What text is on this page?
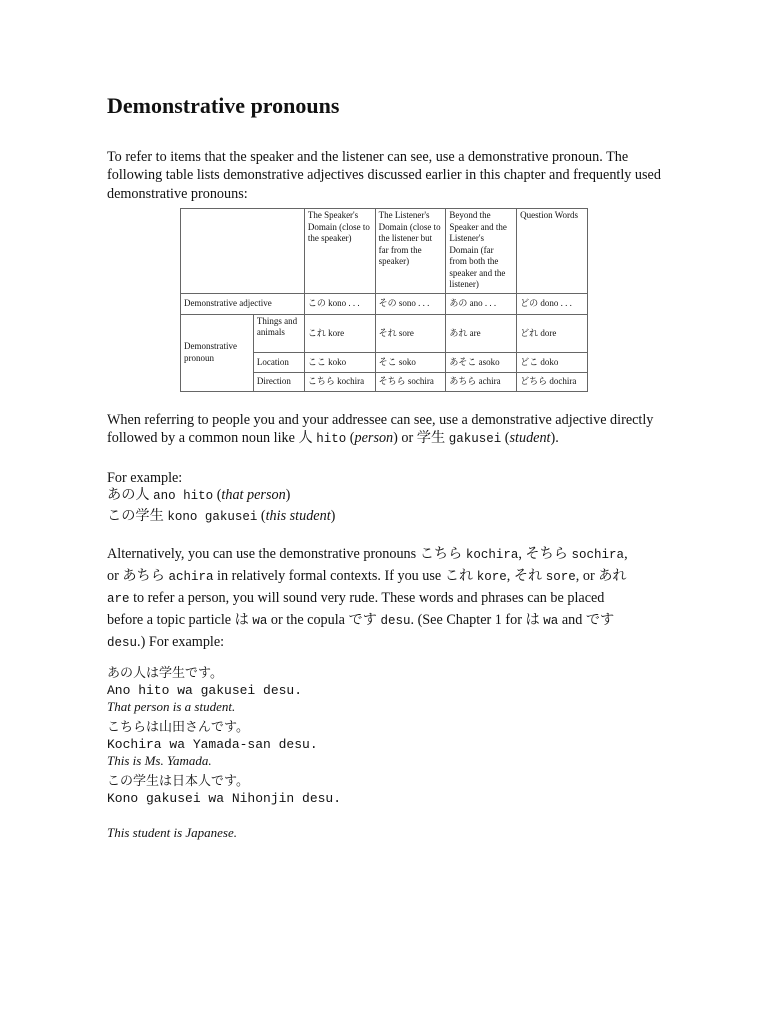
Demonstrative pronouns

To refer to items that the speaker and the listener can see, use a demonstrative pronoun. The following table lists demonstrative adjectives discussed earlier in this chapter and frequently used demonstrative pronouns:

		The Speaker's Domain (close to the speaker)	The Listener's Domain (close to the listener but far from the speaker)	Beyond the Speaker and the Listener's Domain (far from both the speaker and the listener)	Question Words
Demonstrative adjective		この kono . . .	その sono . . .	あの ano . . .	どの dono . . .
Demonstrative pronoun	Things and animals	これ kore	それ sore	あれ are	どれ dore
	Location	ここ koko	そこ soko	あそこ asoko	どこ doko
	Direction	こちら kochira	そちら sochira	あちら achira	どちら dochira

When referring to people you and your addressee can see, use a demonstrative adjective directly followed by a common noun like 人 hito (person) or 学生 gakusei (student).

For example:

あの人 ano hito (that person)

この学生 kono gakusei (this student)

Alternatively, you can use the demonstrative pronouns こちら kochira, そちら sochira, or あちら achira in relatively formal contexts. If you use これ kore, それ sore, or あれ are to refer a person, you will sound very rude. These words and phrases can be placed before a topic particle は wa or the copula です desu. (See Chapter 1 for は wa and です desu.) For example:

あの人は学生です。
Ano hito wa gakusei desu.
That person is a student.
こちらは山田さんです。
Kochira wa Yamada-san desu.
This is Ms. Yamada.
この学生は日本人です。
Kono gakusei wa Nihonjin desu.
This student is Japanese.
